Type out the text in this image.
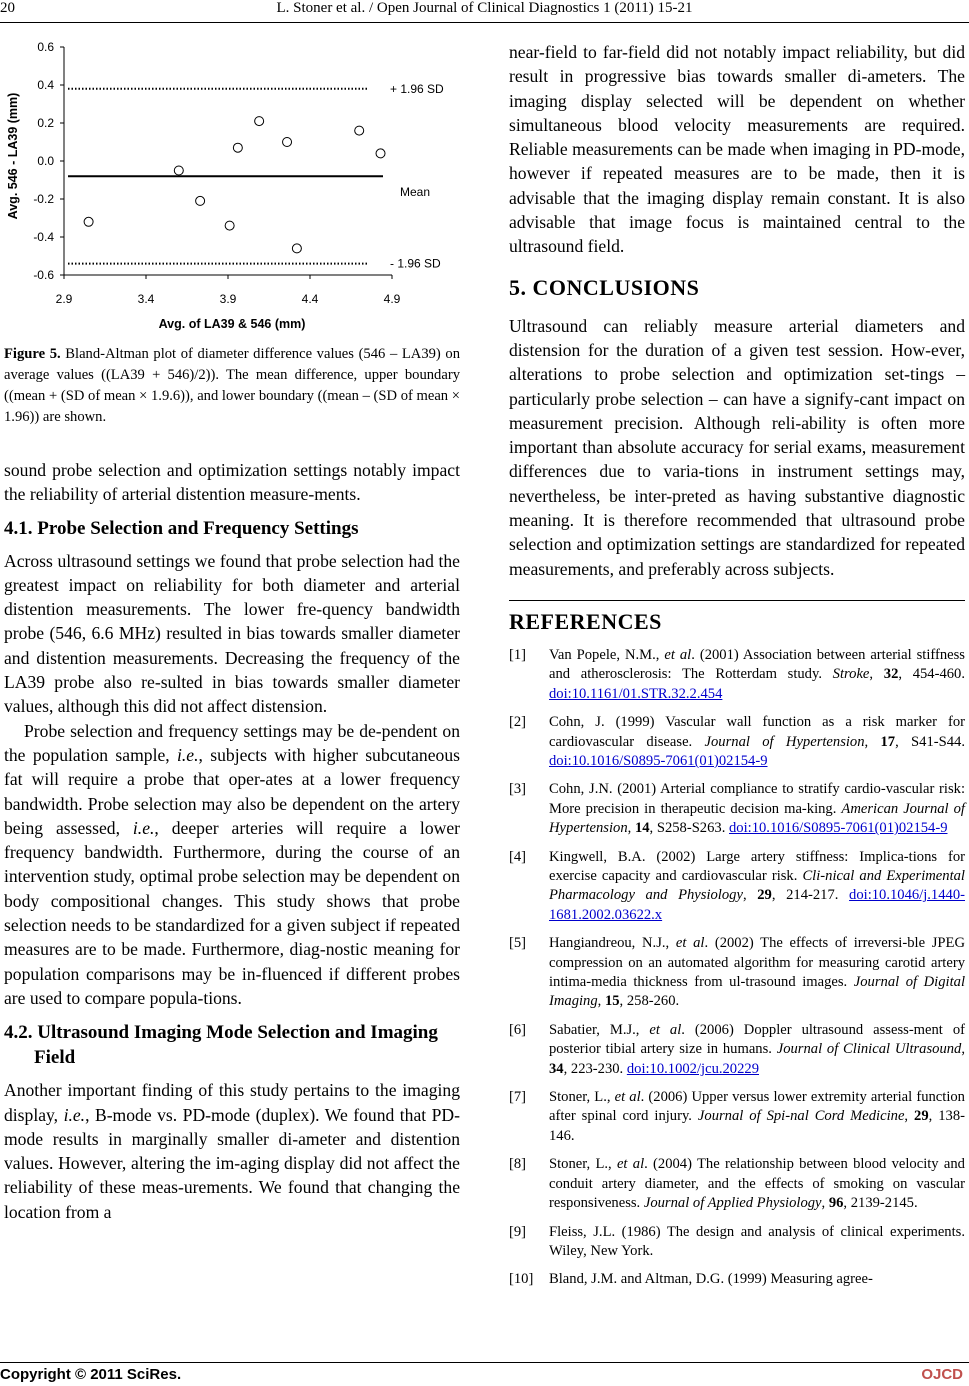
20	L. Stoner et al. / Open Journal of Clinical Diagnostics 1 (2011) 15-21
0.6
0.4
0.2
0.0
-0.2
-0.4
-0.6
2.9	3.4	3.9	4.4	4.9
+ 1.96 SD
Mean
- 1.96 SD
Avg. of LA39 & 546 (mm)
Avg. 546 - LA39 (mm)

Figure 5. Bland-Altman plot of diameter difference values (546 – LA39) on average values ((LA39 + 546)/2)). The mean difference, upper boundary ((mean + (SD of mean × 1.9.6)), and lower boundary ((mean – (SD of mean × 1.96)) are shown.

sound probe selection and optimization settings notably impact the reliability of arterial distention measure-ments.

4.1. Probe Selection and Frequency Settings

Across ultrasound settings we found that probe selection had the greatest impact on reliability for both diameter and arterial distention measurements. The lower fre-quency bandwidth probe (546, 6.6 MHz) resulted in bias towards smaller diameter and distention measurements. Decreasing the frequency of the LA39 probe also re-sulted in bias towards smaller diameter values, although this did not affect distension.

Probe selection and frequency settings may be de-pendent on the population sample, i.e., subjects with higher subcutaneous fat will require a probe that oper-ates at a lower frequency bandwidth. Probe selection may also be dependent on the artery being assessed, i.e., deeper arteries will require a lower frequency bandwidth. Furthermore, during the course of an intervention study, optimal probe selection may be dependent on body compositional changes. This study shows that probe selection needs to be standardized for a given subject if repeated measures are to be made. Furthermore, diag-nostic meaning for population comparisons may be in-fluenced if different probes are used to compare popula-tions.

4.2. Ultrasound Imaging Mode Selection and Imaging Field

Another important finding of this study pertains to the imaging display, i.e., B-mode vs. PD-mode (duplex). We found that PD-mode results in marginally smaller di-ameter and distention values. However, altering the im-aging display did not affect the reliability of these meas-urements. We found that changing the location from a

near-field to far-field did not notably impact reliability, but did result in progressive bias towards smaller di-ameters. The imaging display selected will be dependent on whether simultaneous blood velocity measurements are required. Reliable measurements can be made when imaging in PD-mode, however if repeated measures are to be made, then it is advisable that the imaging display remain constant. It is also advisable that image focus is maintained central to the ultrasound field.

5. CONCLUSIONS

Ultrasound can reliably measure arterial diameters and distension for the duration of a given test session. How-ever, alterations to probe selection and optimization set-tings – particularly probe selection – can have a signify-cant impact on measurement precision. Although reli-ability is often more important than absolute accuracy for serial exams, measurement differences due to varia-tions in instrument settings may, nevertheless, be inter-preted as having substantive diagnostic meaning. It is therefore recommended that ultrasound probe selection and optimization settings are standardized for repeated measurements, and preferably across subjects.

REFERENCES
[1] Van Popele, N.M., et al. (2001) Association between arterial stiffness and atherosclerosis: The Rotterdam study. Stroke, 32, 454-460. doi:10.1161/01.STR.32.2.454
[2] Cohn, J. (1999) Vascular wall function as a risk marker for cardiovascular disease. Journal of Hypertension, 17, S41-S44. doi:10.1016/S0895-7061(01)02154-9
[3] Cohn, J.N. (2001) Arterial compliance to stratify cardio-vascular risk: More precision in therapeutic decision ma-king. American Journal of Hypertension, 14, S258-S263. doi:10.1016/S0895-7061(01)02154-9
[4] Kingwell, B.A. (2002) Large artery stiffness: Implica-tions for exercise capacity and cardiovascular risk. Cli-nical and Experimental Pharmacology and Physiology, 29, 214-217. doi:10.1046/j.1440-1681.2002.03622.x
[5] Hangiandreou, N.J., et al. (2002) The effects of irreversi-ble JPEG compression on an automated algorithm for measuring carotid artery intima-media thickness from ul-trasound images. Journal of Digital Imaging, 15, 258-260.
[6] Sabatier, M.J., et al. (2006) Doppler ultrasound assess-ment of posterior tibial artery size in humans. Journal of Clinical Ultrasound, 34, 223-230. doi:10.1002/jcu.20229
[7] Stoner, L., et al. (2006) Upper versus lower extremity arterial function after spinal cord injury. Journal of Spi-nal Cord Medicine, 29, 138-146.
[8] Stoner, L., et al. (2004) The relationship between blood velocity and conduit artery diameter, and the effects of smoking on vascular responsiveness. Journal of Applied Physiology, 96, 2139-2145.
[9] Fleiss, J.L. (1986) The design and analysis of clinical experiments. Wiley, New York.
[10] Bland, J.M. and Altman, D.G. (1999) Measuring agree-
Copyright © 2011 SciRes.	OJCD
